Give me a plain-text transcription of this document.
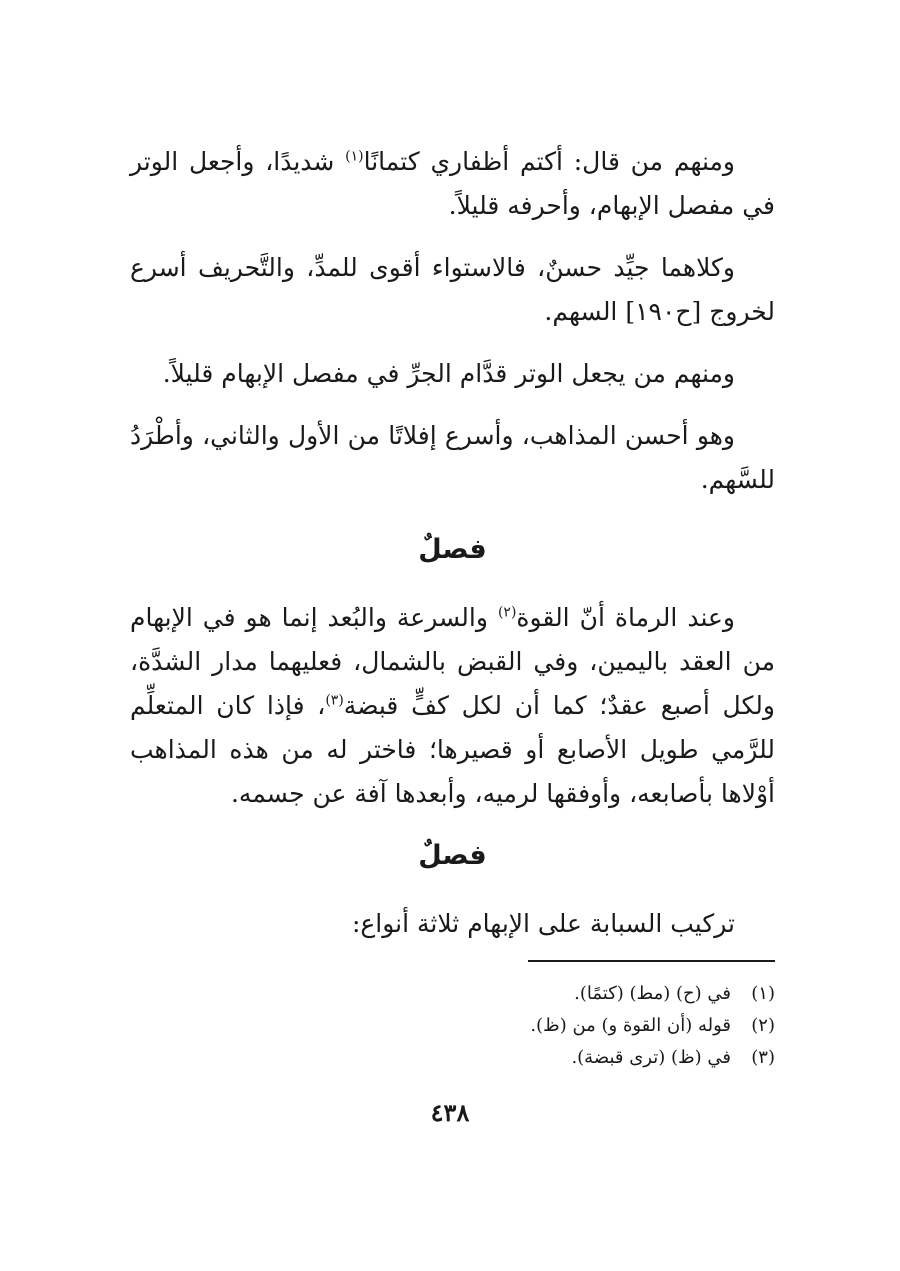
ومنهم من قال: أكتم أظفاري كتمانًا$^{(١)}$ شديدًا، وأجعل الوتر في مفصل الإبهام، وأحرفه قليلاً.

وكلاهما جيِّد حسنٌ، فالاستواء أقوى للمدِّ، والتَّحريف أسرع لخروج [ح١٩٠] السهم.

ومنهم من يجعل الوتر قدَّام الجرِّ في مفصل الإبهام قليلاً.

وهو أحسن المذاهب، وأسرع إفلاتًا من الأول والثاني، وأطْرَدُ للسَّهم.

فصلٌ

وعند الرماة أنّ القوة$^{(٢)}$ والسرعة والبُعد إنما هو في الإبهام من العقد باليمين، وفي القبض بالشمال، فعليهما مدار الشدَّة، ولكل أصبع عقدٌ؛ كما أن لكل كفٍّ قبضة$^{(٣)}$، فإذا كان المتعلِّم للرَّمي طويل الأصابع أو قصيرها؛ فاختر له من هذه المذاهب أوْلاها بأصابعه، وأوفقها لرميه، وأبعدها آفة عن جسمه.

فصلٌ

تركيب السبابة على الإبهام ثلاثة أنواع:

(١)في (ح) (مط) (كتمًا).
(٢)قوله (أن القوة و) من (ظ).
(٣)في (ظ) (ترى قبضة).
٤٣٨
